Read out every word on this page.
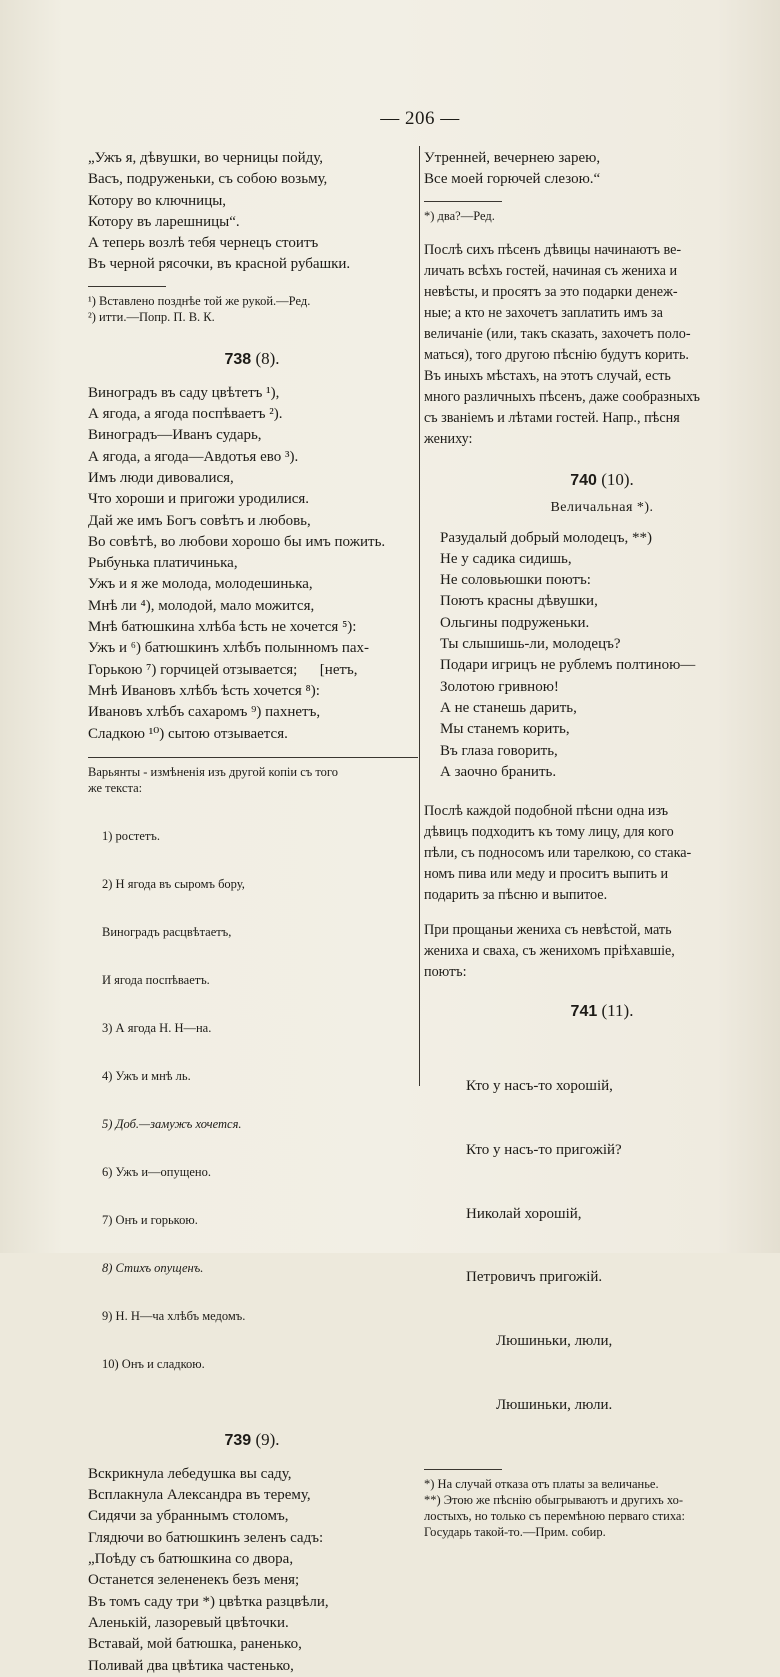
— 206 —
„Ужъ я, дѣвушки, во черницы пойду,
Васъ, подруженьки, съ собою возьму,
Котору во ключницы,
Котору въ ларешницы“.
А теперь возлѣ тебя чернецъ стоитъ
Въ черной рясочки, въ красной рубашки.
¹) Вставлено позднѣе той же рукой.—Ред.
²) итти.—Попр. П. В. К.
738 (8).
Виноградъ въ саду цвѣтетъ ¹),
А ягода, а ягода поспѣваетъ ²).
Виноградъ—Иванъ сударь,
А ягода, а ягода—Авдотья ево ³).
Имъ люди дивовалися,
Что хороши и пригожи уродилися.
Дай же имъ Богъ совѣтъ и любовь,
Во совѣтѣ, во любови хорошо бы имъ пожить.
Рыбунька платичинька,
Ужъ и я же молода, молодешинька,
Мнѣ ли ⁴), молодой, мало можится,
Мнѣ батюшкина хлѣба ѣсть не хочется ⁵):
Ужъ и ⁶) батюшкинъ хлѣбъ полынномъ пах-
Горькою ⁷) горчицей отзывается;      [нетъ,
Мнѣ Ивановъ хлѣбъ ѣсть хочется ⁸):
Ивановъ хлѣбъ сахаромъ ⁹) пахнетъ,
Сладкою ¹⁰) сытою отзывается.
Варьянты - измѣненія изъ другой копіи съ того
же текста:

1) ростетъ.

2) Н ягода въ сыромъ бору,

Виноградъ расцвѣтаетъ,

И ягода поспѣваетъ.

3) А ягода Н. Н—на.

4) Ужъ и мнѣ ль.

5) Доб.—замужъ хочется.

6) Ужъ и—опущено.

7) Онъ и горькою.

8) Стихъ опущенъ.

9) Н. Н—ча хлѣбъ медомъ.

10) Онъ и сладкою.

739 (9).
Вскрикнула лебедушка вы саду,
Всплакнула Александра въ терему,
Сидячи за убраннымъ столомъ,
Глядючи во батюшкинъ зеленъ садъ:
„Поѣду съ батюшкина со двора,
Останется зелененекъ безъ меня;
Въ томъ саду три *) цвѣтка разцвѣли,
Аленькій, лазоревый цвѣточки.
Вставай, мой батюшка, раненько,
Поливай два цвѣтика частенько,
Утренней, вечернею зарею,
Все моей горючей слезою.“
*) два?—Ред.
Послѣ сихъ пѣсенъ дѣвицы начинаютъ ве-
личать всѣхъ гостей, начиная съ жениха и
невѣсты, и просятъ за это подарки денеж-
ные; а кто не захочетъ заплатить имъ за
величаніе (или, такъ сказать, захочетъ поло-
маться), того другою пѣснію будутъ корить.
Въ иныхъ мѣстахъ, на этотъ случай, есть
много различныхъ пѣсенъ, даже сообразныхъ
съ званіемъ и лѣтами гостей. Напр., пѣсня
жениху:
740 (10).
Величальная *).
Разудалый добрый молодецъ, **)
Не у садика сидишь,
Не соловьюшки поютъ:
Поютъ красны дѣвушки,
Ольгины подруженьки.
Ты слышишь-ли, молодецъ?
Подари игрицъ не рублемъ полтиною—
Золотою гривною!
А не станешь дарить,
Мы станемъ корить,
Въ глаза говорить,
А заочно бранить.
Послѣ каждой подобной пѣсни одна изъ
дѣвицъ подходитъ къ тому лицу, для кого
пѣли, съ подносомъ или тарелкою, со стака-
номъ пива или меду и проситъ выпить и
подарить за пѣсню и выпитое.
При прощаньи жениха съ невѣстой, мать
жениха и сваха, съ женихомъ пріѣхавшіе,
поютъ:
741 (11).

Кто у насъ-то хорошій,

Кто у насъ-то пригожій?

Николай хорошій,

Петровичъ пригожій.

Люшиньки, люли,

Люшиньки, люли.

*) На случай отказа отъ платы за величанье.
**) Этою же пѣснію обыгрываютъ и другихъ хо-
лостыхъ, но только съ перемѣною перваго стиха:
Государь такой-то.—Прим. собир.
